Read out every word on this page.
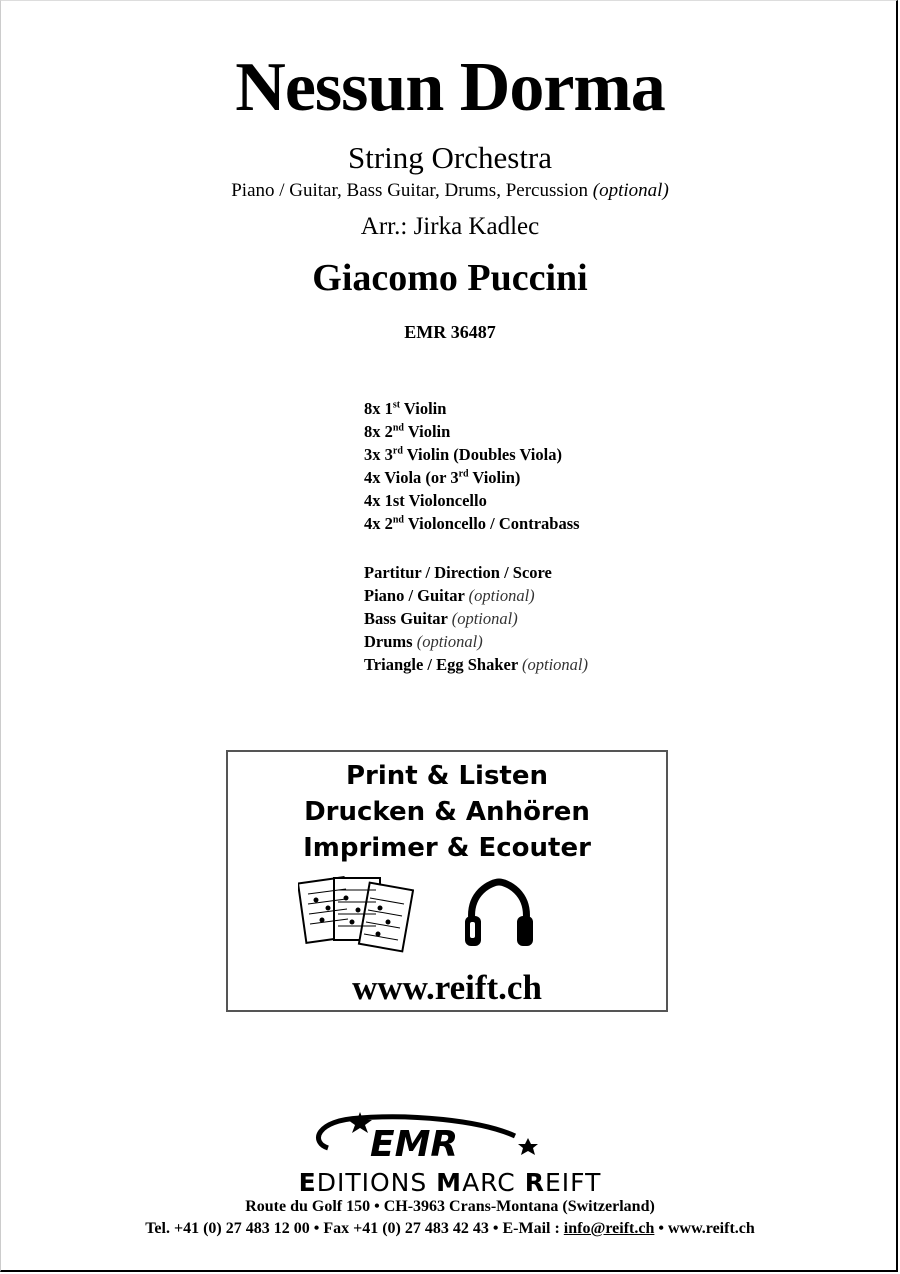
Nessun Dorma
String Orchestra
Piano / Guitar, Bass Guitar, Drums, Percussion (optional)
Arr.: Jirka Kadlec
Giacomo Puccini
EMR 36487
8x 1st Violin
8x 2nd Violin
3x 3rd Violin (Doubles Viola)
4x Viola (or 3rd Violin)
4x 1st Violoncello
4x 2nd Violoncello / Contrabass
Partitur / Direction / Score
Piano / Guitar (optional)
Bass Guitar (optional)
Drums (optional)
Triangle / Egg Shaker (optional)
Print & Listen
Drucken & Anhören
Imprimer & Ecouter
www.reift.ch
EMR
EDITIONS MARC REIFT
Route du Golf 150 • CH-3963 Crans-Montana (Switzerland)
Tel. +41 (0) 27 483 12 00 • Fax +41 (0) 27 483 42 43 • E-Mail : info@reift.ch • www.reift.ch
